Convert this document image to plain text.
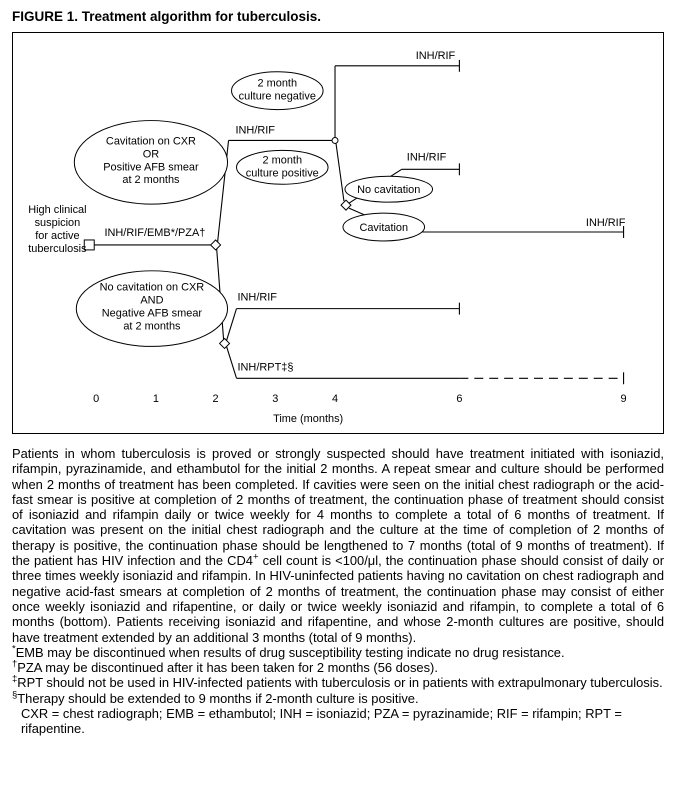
FIGURE 1. Treatment algorithm for tuberculosis.
High clinical
suspicion
for active
tuberculosis
INH/RIF/EMB*/PZA†
INH/RIF
INH/RIF
INH/RIF
INH/RIF
INH/RIF
INH/RPT‡§
Cavitation on CXR
OR
Positive AFB smear
at 2 months
No cavitation on CXR
AND
Negative AFB smear
at 2 months
2 month
culture negative
2 month
culture positive
No cavitation
Cavitation
0	1	2	3	4	6	9
Time (months)

Patients in whom tuberculosis is proved or strongly suspected should have treatment initiated with isoniazid, rifampin, pyrazinamide, and ethambutol for the initial 2 months. A repeat smear and culture should be performed when 2 months of treatment has been completed. If cavities were seen on the initial chest radiograph or the acid-fast smear is positive at completion of 2 months of treatment, the continuation phase of treatment should consist of isoniazid and rifampin daily or twice weekly for 4 months to complete a total of 6 months of treatment. If cavitation was present on the initial chest radiograph and the culture at the time of completion of 2 months of therapy is positive, the continuation phase should be lengthened to 7 months (total of 9 months of treatment). If the patient has HIV infection and the CD4+ cell count is <100/μl, the continuation phase should consist of daily or three times weekly isoniazid and rifampin. In HIV-uninfected patients having no cavitation on chest radiograph and negative acid-fast smears at completion of 2 months of treatment, the continuation phase may consist of either once weekly isoniazid and rifapentine, or daily or twice weekly isoniazid and rifampin, to complete a total of 6 months (bottom). Patients receiving isoniazid and rifapentine, and whose 2-month cultures are positive, should have treatment extended by an additional 3 months (total of 9 months).

*EMB may be discontinued when results of drug susceptibility testing indicate no drug resistance.
†PZA may be discontinued after it has been taken for 2 months (56 doses).
‡RPT should not be used in HIV-infected patients with tuberculosis or in patients with extrapulmonary tuberculosis.
§Therapy should be extended to 9 months if 2-month culture is positive.
CXR = chest radiograph; EMB = ethambutol; INH = isoniazid; PZA = pyrazinamide; RIF = rifampin; RPT = rifapentine.
